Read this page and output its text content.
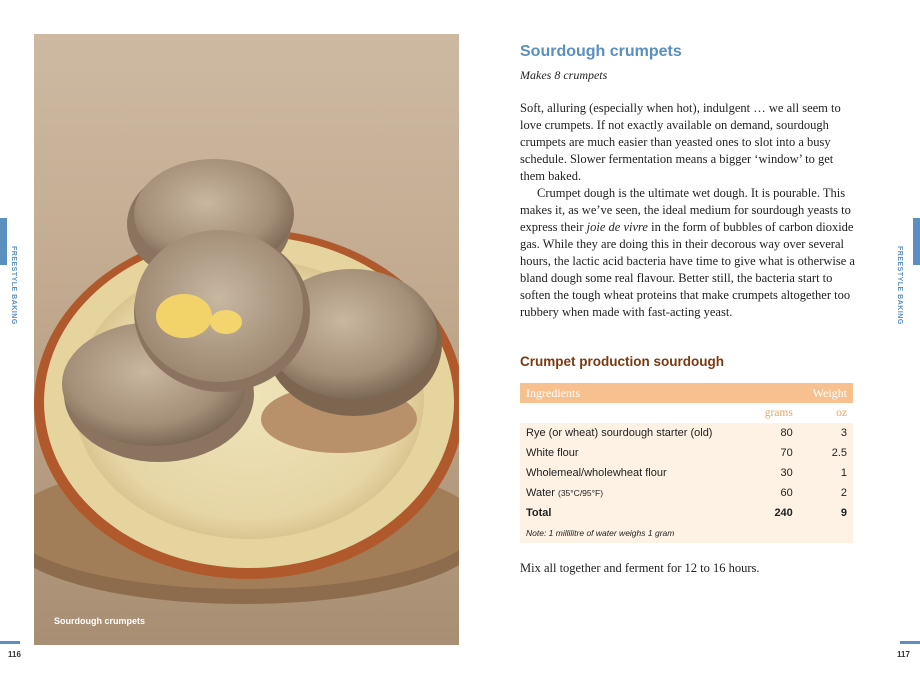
FREESTYLE BAKING
Sourdough crumpets
116
Sourdough crumpets
Makes 8 crumpets

Soft, alluring (especially when hot), indulgent … we all seem to love crumpets. If not exactly available on demand, sourdough crumpets are much easier than yeasted ones to slot into a busy schedule. Slower fermentation means a bigger ‘window’ to get them baked.

Crumpet dough is the ultimate wet dough. It is pourable. This makes it, as we’ve seen, the ideal medium for sourdough yeasts to express their joie de vivre in the form of bubbles of carbon dioxide gas. While they are doing this in their decorous way over several hours, the lactic acid bacteria have time to give what is otherwise a bland dough some real flavour. Better still, the bacteria start to soften the tough wheat proteins that make crumpets altogether too rubbery when made with fast-acting yeast.

Crumpet production sourdough
Ingredients		Weight
	grams	oz
Rye (or wheat) sourdough starter (old)	80	3
White flour	70	2.5
Wholemeal/wholewheat flour	30	1
Water (35°C/95°F)	60	2
Total	240	9
Note: 1 millilitre of water weighs 1 gram		
Mix all together and ferment for 12 to 16 hours.
FREESTYLE BAKING
117
